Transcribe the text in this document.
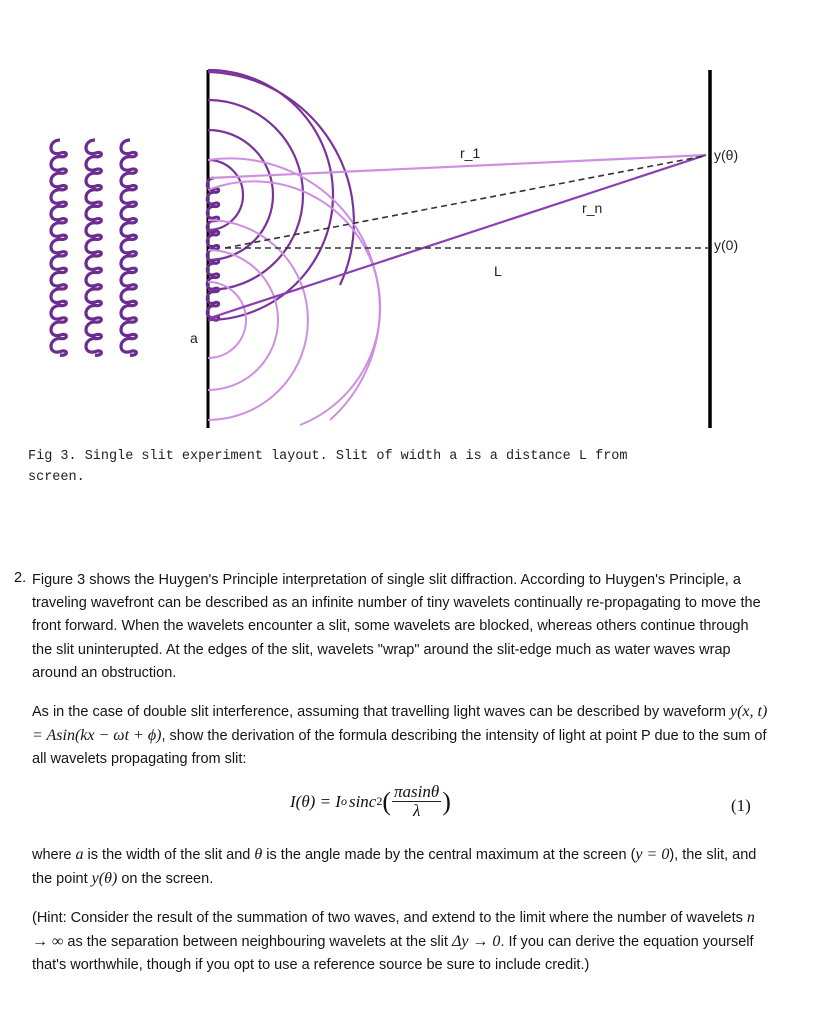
r_1
r_n
L
a
y(θ)
y(0)
Fig 3. Single slit experiment layout. Slit of width a is a distance L from
screen.
2. Figure 3 shows the Huygen's Principle interpretation of single slit diffraction. According to Huygen's Principle, a traveling wavefront can be described as an infinite number of tiny wavelets continually re-propagating to move the front forward. When the wavelets encounter a slit, some wavelets are blocked, whereas others continue through the slit uninterupted. At the edges of the slit, wavelets "wrap" around the slit-edge much as water waves wrap around an obstruction.
As in the case of double slit interference, assuming that travelling light waves can be described by waveform y(x, t) = Asin(kx − ωt + ϕ), show the derivation of the formula describing the intensity of light at point P due to the sum of all wavelets propagating from slit:
I(θ) = I o sinc 2 ( $\frac{\pi asin\theta}{\lambda}$ )	(1)
where a is the width of the slit and θ is the angle made by the central maximum at the screen (y = 0), the slit, and the point y(θ) on the screen.
(Hint: Consider the result of the summation of two waves, and extend to the limit where the number of wavelets n → ∞ as the separation between neighbouring wavelets at the slit Δy → 0. If you can derive the equation yourself that's worthwhile, though if you opt to use a reference source be sure to include credit.)
